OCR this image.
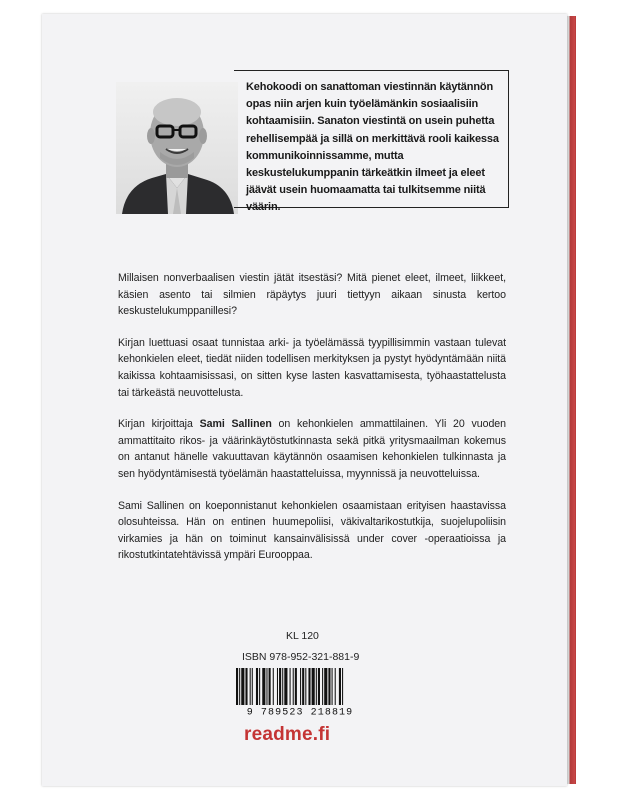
Kehokoodi on sanattoman viestinnän käytännön opas niin arjen kuin työelämänkin sosiaalisiin kohtaamisiin. Sanaton viestintä on usein puhetta rehellisempää ja sillä on merkittävä rooli kaikessa kommunikoinnissamme, mutta keskustelukumppanin tärkeätkin ilmeet ja eleet jäävät usein huomaamatta tai tulkitsemme niitä väärin.

Millaisen nonverbaalisen viestin jätät itsestäsi? Mitä pienet eleet, ilmeet, liikkeet, käsien asento tai silmien räpäytys juuri tiettyyn aikaan sinusta kertoo keskustelukumppanillesi?

Kirjan luettuasi osaat tunnistaa arki- ja työelämässä tyypillisimmin vastaan tulevat kehonkielen eleet, tiedät niiden todellisen merkityksen ja pystyt hyödyntämään niitä kaikissa kohtaamisissasi, on sitten kyse lasten kasvattamisesta, työhaastattelusta tai tärkeästä neuvottelusta.

Kirjan kirjoittaja Sami Sallinen on kehonkielen ammattilainen. Yli 20 vuoden ammattitaito rikos- ja väärinkäytöstutkinnasta sekä pitkä yritysmaailman kokemus on antanut hänelle vakuuttavan käytännön osaamisen kehonkielen tulkinnasta ja sen hyödyntämisestä työelämän haastatteluissa, myynnissä ja neuvotteluissa.

Sami Sallinen on koeponnistanut kehonkielen osaamistaan erityisen haastavissa olosuhteissa. Hän on entinen huumepoliisi, väkivaltarikostutkija, suojelupoliisin virkamies ja hän on toiminut kansainvälisissä under cover -operaatioissa ja rikostutkintatehtävissä ympäri Eurooppaa.

KL 120
ISBN 978-952-321-881-9
9 789523 218819
readme.fi
